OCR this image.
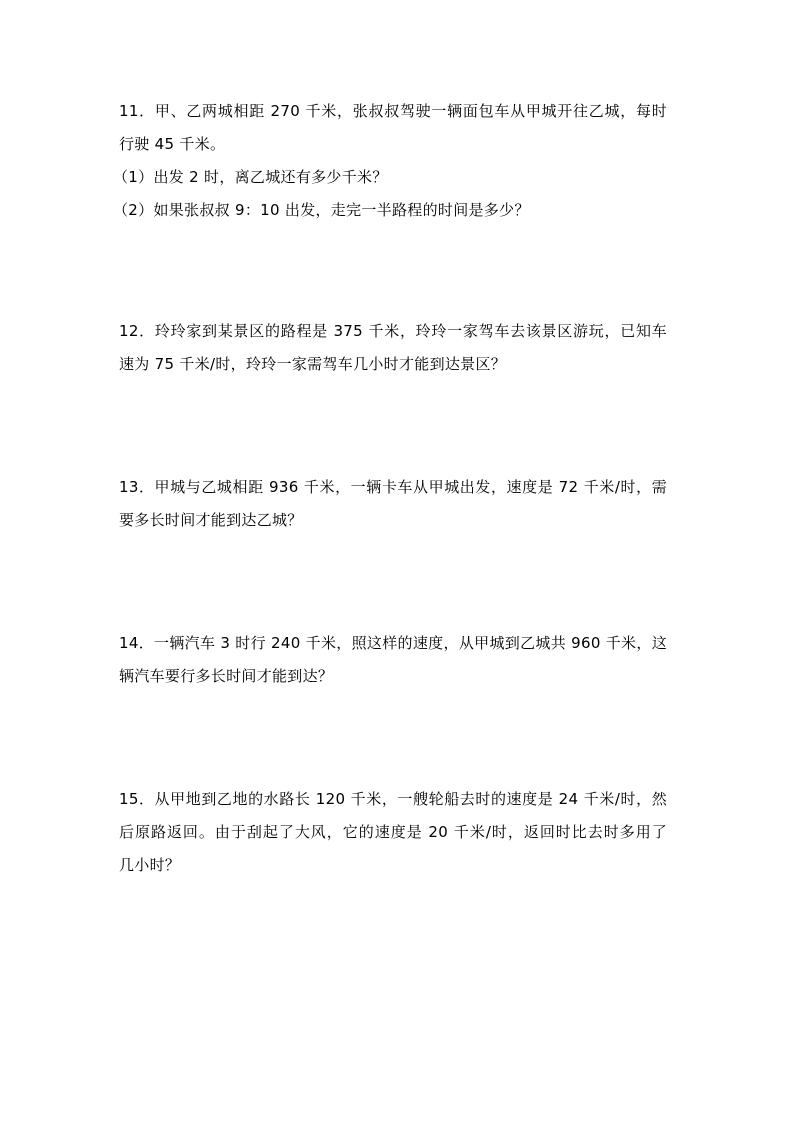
11．甲、乙两城相距 270 千米，张叔叔驾驶一辆面包车从甲城开往乙城，每时
行驶 45 千米。
（1）出发 2 时，离乙城还有多少千米？
（2）如果张叔叔 9：10 出发，走完一半路程的时间是多少？
12．玲玲家到某景区的路程是 375 千米，玲玲一家驾车去该景区游玩，已知车
速为 75 千米/时，玲玲一家需驾车几小时才能到达景区？
13．甲城与乙城相距 936 千米，一辆卡车从甲城出发，速度是 72 千米/时，需
要多长时间才能到达乙城？
14．一辆汽车 3 时行 240 千米，照这样的速度，从甲城到乙城共 960 千米，这
辆汽车要行多长时间才能到达？
15．从甲地到乙地的水路长 120 千米，一艘轮船去时的速度是 24 千米/时，然
后原路返回。由于刮起了大风，它的速度是 20 千米/时，返回时比去时多用了
几小时？
